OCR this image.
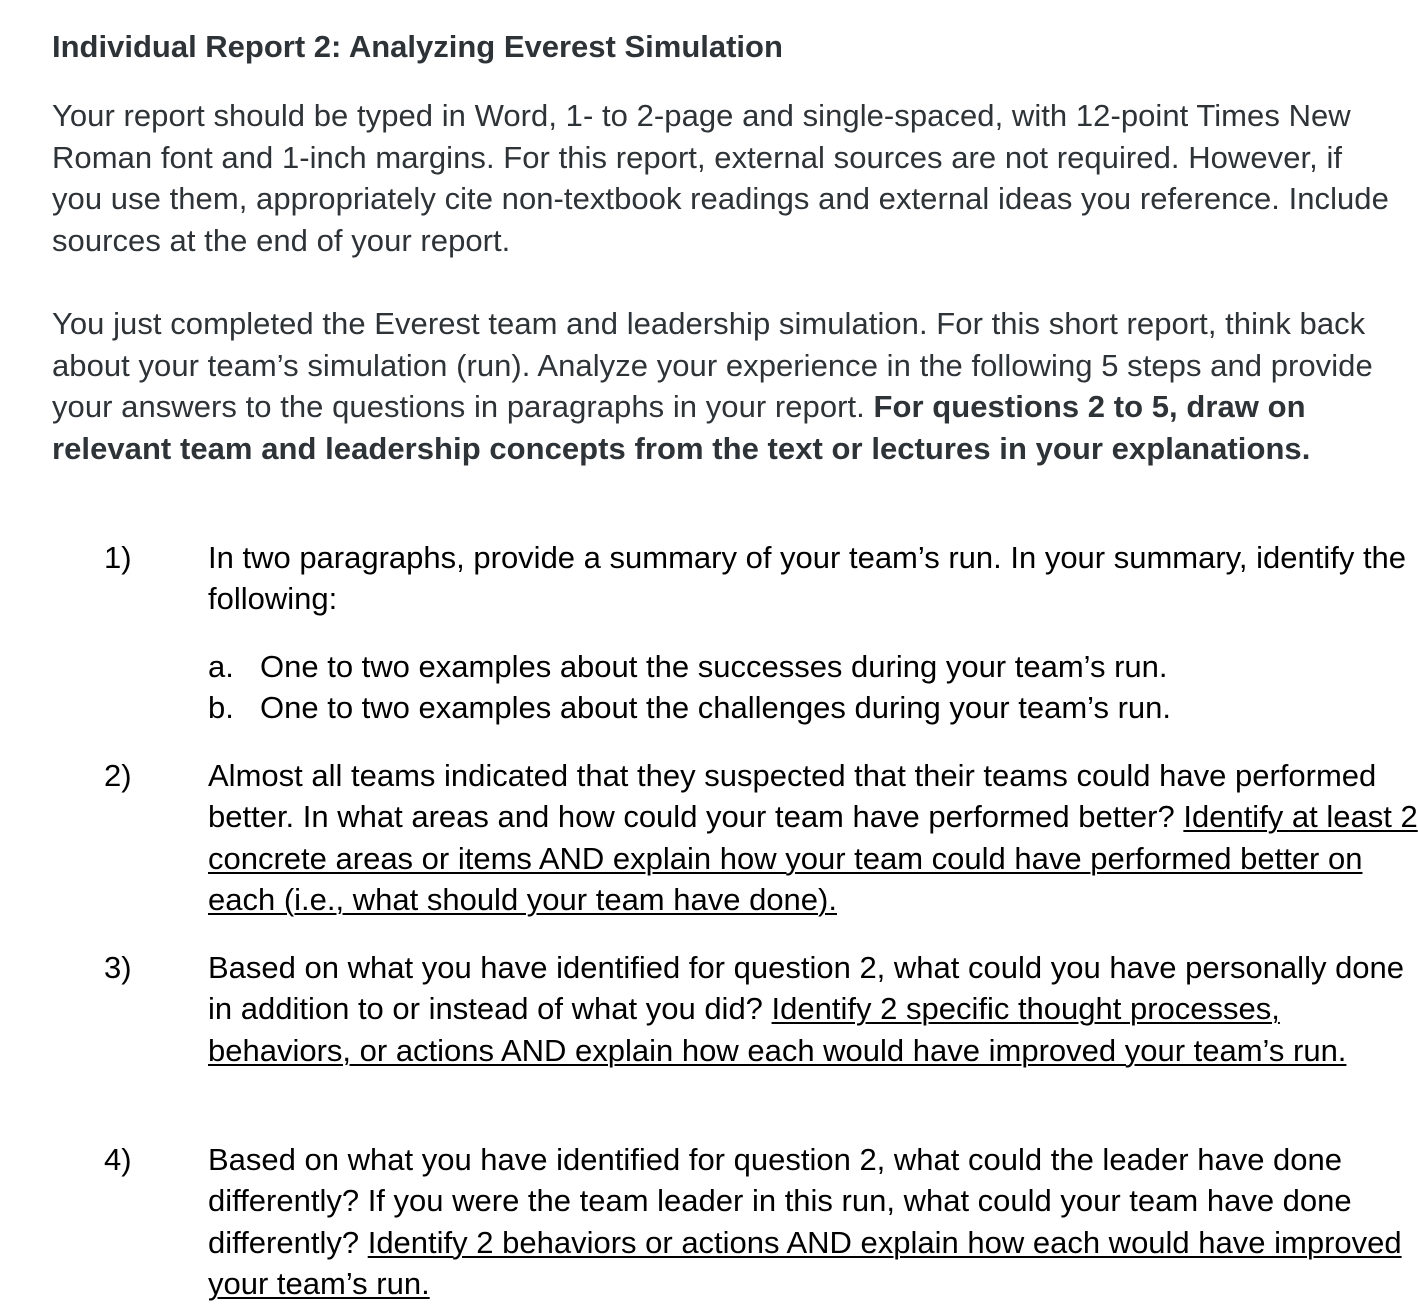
Individual Report 2: Analyzing Everest Simulation
Your report should be typed in Word, 1- to 2-page and single-spaced, with 12-point Times New Roman font and 1-inch margins. For this report, external sources are not required. However, if you use them, appropriately cite non-textbook readings and external ideas you reference. Include sources at the end of your report.
You just completed the Everest team and leadership simulation. For this short report, think back about your team’s simulation (run). Analyze your experience in the following 5 steps and provide your answers to the questions in paragraphs in your report. For questions 2 to 5, draw on relevant team and leadership concepts from the text or lectures in your explanations.
1) In two paragraphs, provide a summary of your team’s run. In your summary, identify the following:
a. One to two examples about the successes during your team’s run.
b. One to two examples about the challenges during your team’s run.
2) Almost all teams indicated that they suspected that their teams could have performed better. In what areas and how could your team have performed better? Identify at least 2 concrete areas or items AND explain how your team could have performed better on each (i.e., what should your team have done).
3) Based on what you have identified for question 2, what could you have personally done in addition to or instead of what you did? Identify 2 specific thought processes, behaviors, or actions AND explain how each would have improved your team’s run.
4) Based on what you have identified for question 2, what could the leader have done differently? If you were the team leader in this run, what could your team have done differently? Identify 2 behaviors or actions AND explain how each would have improved your team’s run.
